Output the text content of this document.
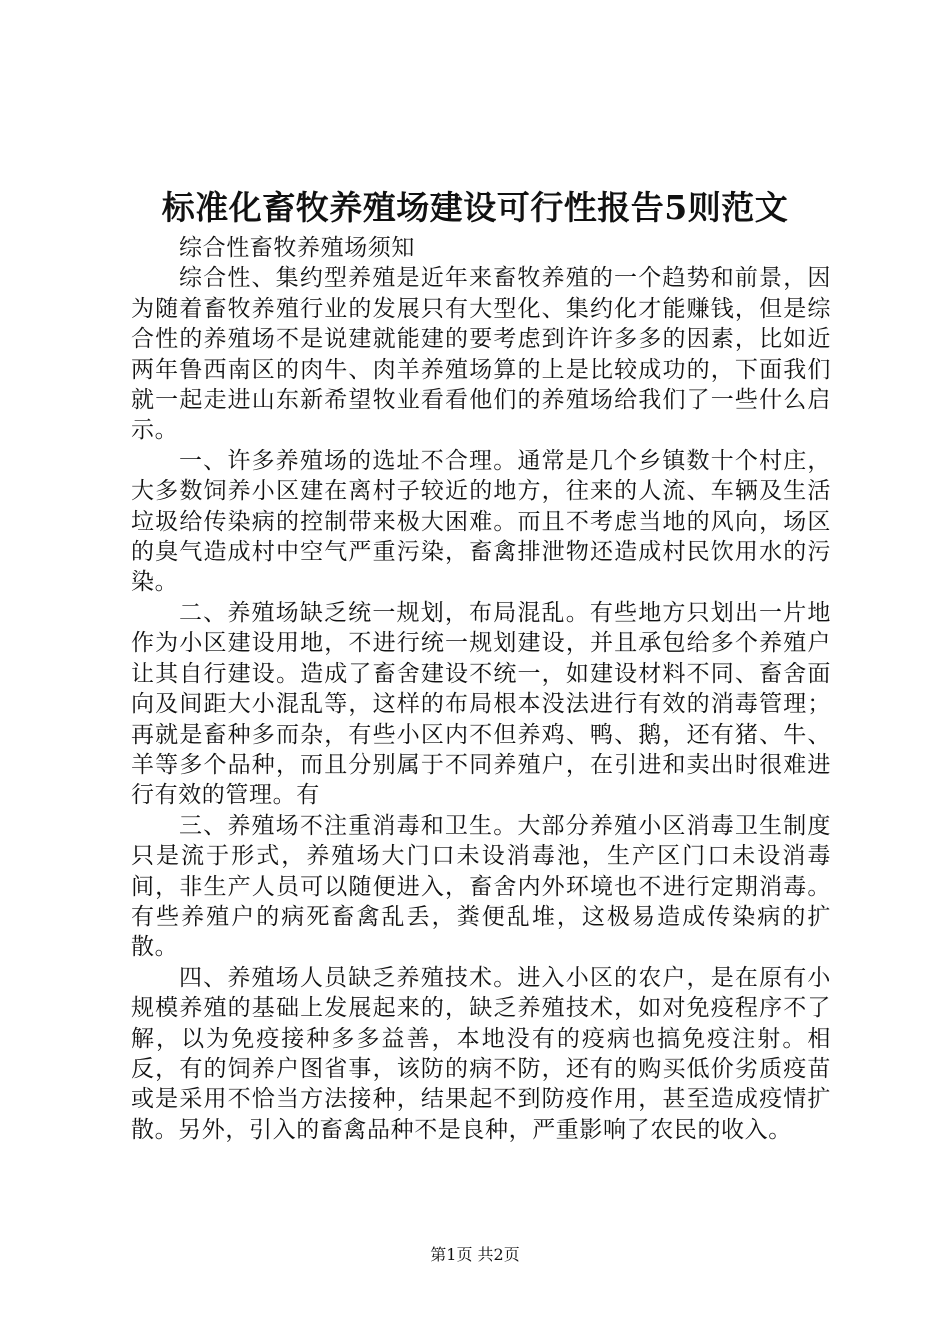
标准化畜牧养殖场建设可行性报告5则范文

综合性畜牧养殖场须知

综合性、集约型养殖是近年来畜牧养殖的一个趋势和前景，因为随着畜牧养殖行业的发展只有大型化、集约化才能赚钱，但是综合性的养殖场不是说建就能建的要考虑到许许多多的因素，比如近两年鲁西南区的肉牛、肉羊养殖场算的上是比较成功的，下面我们就一起走进山东新希望牧业看看他们的养殖场给我们了一些什么启示。

一、许多养殖场的选址不合理。通常是几个乡镇数十个村庄，大多数饲养小区建在离村子较近的地方，往来的人流、车辆及生活垃圾给传染病的控制带来极大困难。而且不考虑当地的风向，场区的臭气造成村中空气严重污染，畜禽排泄物还造成村民饮用水的污染。

二、养殖场缺乏统一规划，布局混乱。有些地方只划出一片地作为小区建设用地，不进行统一规划建设，并且承包给多个养殖户让其自行建设。造成了畜舍建设不统一，如建设材料不同、畜舍面向及间距大小混乱等，这样的布局根本没法进行有效的消毒管理；再就是畜种多而杂，有些小区内不但养鸡、鸭、鹅，还有猪、牛、羊等多个品种，而且分别属于不同养殖户，在引进和卖出时很难进行有效的管理。有

三、养殖场不注重消毒和卫生。大部分养殖小区消毒卫生制度只是流于形式，养殖场大门口未设消毒池，生产区门口未设消毒间，非生产人员可以随便进入，畜舍内外环境也不进行定期消毒。有些养殖户的病死畜禽乱丢，粪便乱堆，这极易造成传染病的扩散。

四、养殖场人员缺乏养殖技术。进入小区的农户，是在原有小规模养殖的基础上发展起来的，缺乏养殖技术，如对免疫程序不了解，以为免疫接种多多益善，本地没有的疫病也搞免疫注射。相反，有的饲养户图省事，该防的病不防，还有的购买低价劣质疫苗或是采用不恰当方法接种，结果起不到防疫作用，甚至造成疫情扩散。另外，引入的畜禽品种不是良种，严重影响了农民的收入。

第1页 共2页
